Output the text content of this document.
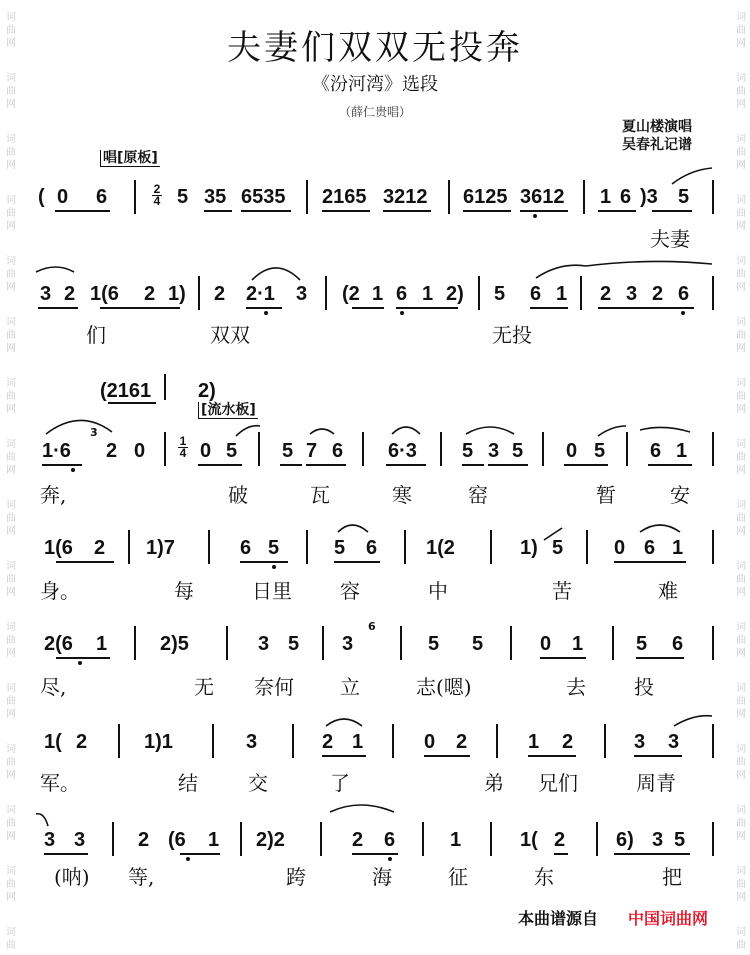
词
曲
网
词
曲
网
词
曲
网
词
曲
网
词
曲
网
词
曲
网
词
曲
网
词
曲
网
词
曲
网
词
曲
网
词
曲
网
词
曲
网
词
曲
网
词
曲
网
词
曲
网
词
曲
词
曲
网
词
曲
网
词
曲
网
词
曲
网
词
曲
网
词
曲
网
词
曲
网
词
曲
网
词
曲
网
词
曲
网
词
曲
网
词
曲
网
词
曲
网
词
曲
网
词
曲
网
词
曲
夫妻们双双无投奔
《汾河湾》选段
（薛仁贵唱）
夏山楼演唱
吴春礼记谱
唱[原板]
( 0 6	2
4 5 35 6535 2165 3212 6125 3612 1 6 )3 5
夫妻
3 2 1(6 2 1) 2 2·1 3 (2 1 6 1 2) 5 6 1 2 3 2 6
们	双双	无投
(2161 2)
[流水板]
1·6
3
2 0	1
4 0 5 5 7 6 6·3 5 3 5 0 5 6 1
奔,	破	瓦	寒	窑	暂	安
1(6 2 1)7	6 5	5 6 1(2	1) 5	0 6 1
身。	每	日里 容	中	苦	难
2(6 1	2)5	3 5 3
6
5 5	0 1	5 6
尽,	无 奈何 立	志(嗯)	去 投
1( 2	1)1	3	2 1	0 2	1 2	3 3
军。	结	交	了	弟 兄们	周青
3 3	2 (6 1 2)2	2 6	1	1( 2	6) 3 5
(呐) 等,	跨	海	征	东	把
本曲谱源自 中国词曲网
